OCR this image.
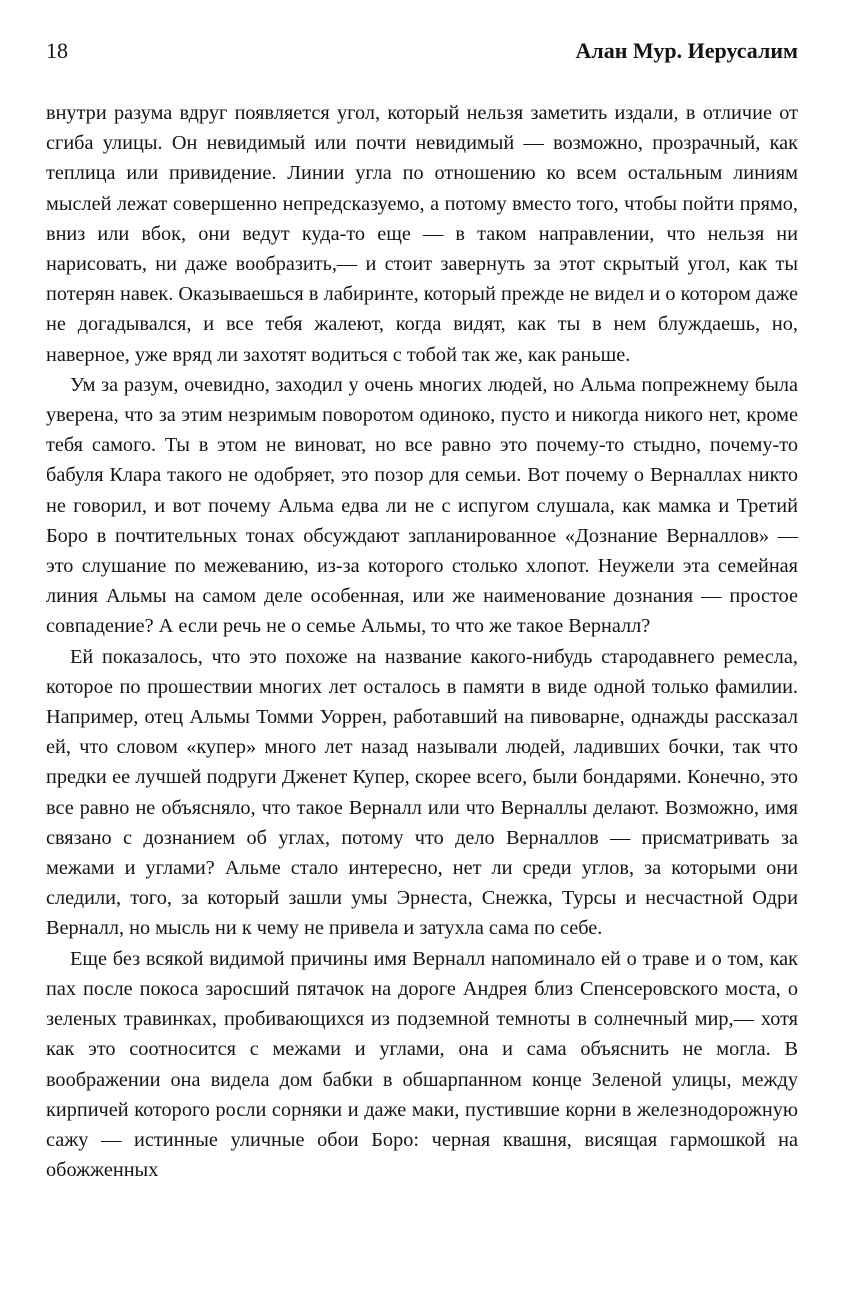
18	Алан Мур. Иерусалим

внутри разума вдруг появляется угол, который нельзя заметить издали, в отличие от сгиба улицы. Он невидимый или почти невидимый — возможно, прозрачный, как теплица или привидение. Линии угла по отношению ко всем остальным линиям мыслей лежат совершенно непредсказуемо, а потому вместо того, чтобы пойти прямо, вниз или вбок, они ведут куда-то еще — в таком направлении, что нельзя ни нарисовать, ни даже вообразить,— и стоит завернуть за этот скрытый угол, как ты потерян навек. Оказываешься в лабиринте, который прежде не видел и о котором даже не догадывался, и все тебя жалеют, когда видят, как ты в нем блуждаешь, но, наверное, уже вряд ли захотят водиться с тобой так же, как раньше.

Ум за разум, очевидно, заходил у очень многих людей, но Альма попрежнему была уверена, что за этим незримым поворотом одиноко, пусто и никогда никого нет, кроме тебя самого. Ты в этом не виноват, но все равно это почему-то стыдно, почему-то бабуля Клара такого не одобряет, это позор для семьи. Вот почему о Верналлах никто не говорил, и вот почему Альма едва ли не с испугом слушала, как мамка и Третий Боро в почтительных тонах обсуждают запланированное «Дознание Верналлов» — это слушание по межеванию, из-за которого столько хлопот. Неужели эта семейная линия Альмы на самом деле особенная, или же наименование дознания — простое совпадение? А если речь не о семье Альмы, то что же такое Верналл?

Ей показалось, что это похоже на название какого-нибудь стародавнего ремесла, которое по прошествии многих лет осталось в памяти в виде одной только фамилии. Например, отец Альмы Томми Уоррен, работавший на пивоварне, однажды рассказал ей, что словом «купер» много лет назад называли людей, ладивших бочки, так что предки ее лучшей подруги Дженет Купер, скорее всего, были бондарями. Конечно, это все равно не объясняло, что такое Верналл или что Верналлы делают. Возможно, имя связано с дознанием об углах, потому что дело Верналлов — присматривать за межами и углами? Альме стало интересно, нет ли среди углов, за которыми они следили, того, за который зашли умы Эрнеста, Снежка, Турсы и несчастной Одри Верналл, но мысль ни к чему не привела и затухла сама по себе.

Еще без всякой видимой причины имя Верналл напоминало ей о траве и о том, как пах после покоса заросший пятачок на дороге Андрея близ Спенсеровского моста, о зеленых травинках, пробивающихся из подземной темноты в солнечный мир,— хотя как это соотносится с межами и углами, она и сама объяснить не могла. В воображении она видела дом бабки в обшарпанном конце Зеленой улицы, между кирпичей которого росли сорняки и даже маки, пустившие корни в железнодорожную сажу — истинные уличные обои Боро: черная квашня, висящая гармошкой на обожженных
